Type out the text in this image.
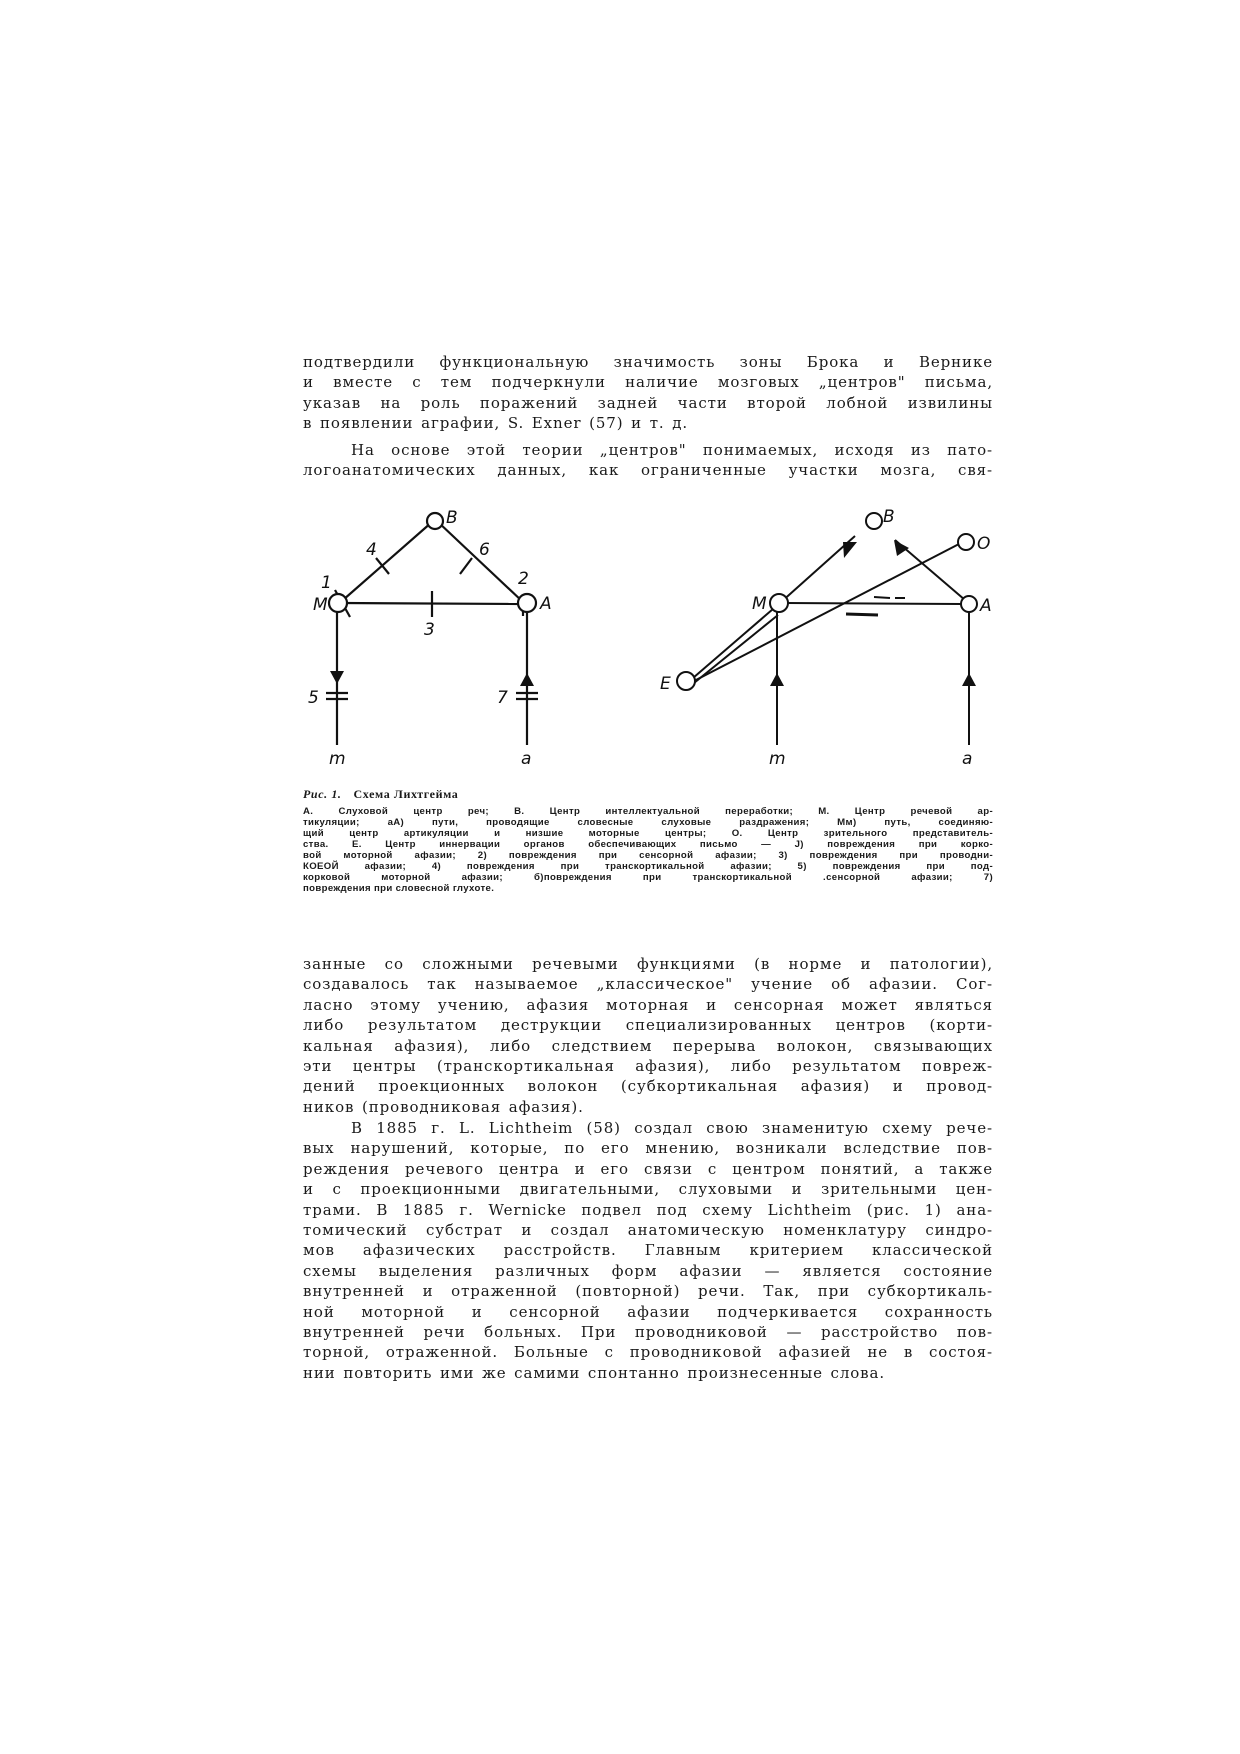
подтвердили функциональную значимость зоны Брока и Вернике
и вместе с тем подчеркнули наличие мозговых „центров" письма,
указав на роль поражений задней части второй лобной извилины
в появлении аграфии, S. Exner (57) и т. д.
На основе этой теории „центров" понимаемых, исходя из пато-
логоанатомических данных, как ограниченные участки мозга, свя-
B
M	A
1	2
3
4
5
6
7
m	a
B
O
M	A
E
m	a
Рис. 1. Схема Лихтгейма
А. Слуховой центр реч; В. Центр интеллектуальной переработки; М. Центр речевой ар-
тикуляции; аА) пути, проводящие словесные слуховые раздражения; Мм) путь, соединяю-
щий центр артикуляции и низшие моторные центры; О. Центр зрительного представитель-
ства. Е. Центр иннервации органов обеспечивающих письмо — J) повреждения при корко-
вой моторной афазии; 2) повреждения при сенсорной афазии; 3) повреждения при проводни-
КОЕОЙ афазии; 4) повреждения при транскортикальной афазии; 5) повреждения при под-
корковой моторной афазии; б)повреждения при транскортикальной .сенсорной афазии; 7)
повреждения при словесной глухоте.
занные со сложными речевыми функциями (в норме и патологии),
создавалось так называемое „классическое" учение об афазии. Сог-
ласно этому учению, афазия моторная и сенсорная может являться
либо результатом деструкции специализированных центров (корти-
кальная афазия), либо следствием перерыва волокон, связывающих
эти центры (транскортикальная афазия), либо результатом повреж-
дений проекционных волокон (субкортикальная афазия) и провод-
ников (проводниковая афазия).
В 1885 г. L. Lichtheim (58) создал свою знаменитую схему рече-
вых нарушений, которые, по его мнению, возникали вследствие пов-
реждения речевого центра и его связи с центром понятий, а также
и с проекционными двигательными, слуховыми и зрительными цен-
трами. В 1885 г. Wernicke подвел под схему Lichtheim (рис. 1) ана-
томический субстрат и создал анатомическую номенклатуру синдро-
мов афазических расстройств. Главным критерием классической
схемы выделения различных форм афазии — является состояние
внутренней и отраженной (повторной) речи. Так, при субкортикаль-
ной моторной и сенсорной афазии подчеркивается сохранность
внутренней речи больных. При проводниковой — расстройство пов-
торной, отраженной. Больные с проводниковой афазией не в состоя-
нии повторить ими же самими спонтанно произнесенные слова.
